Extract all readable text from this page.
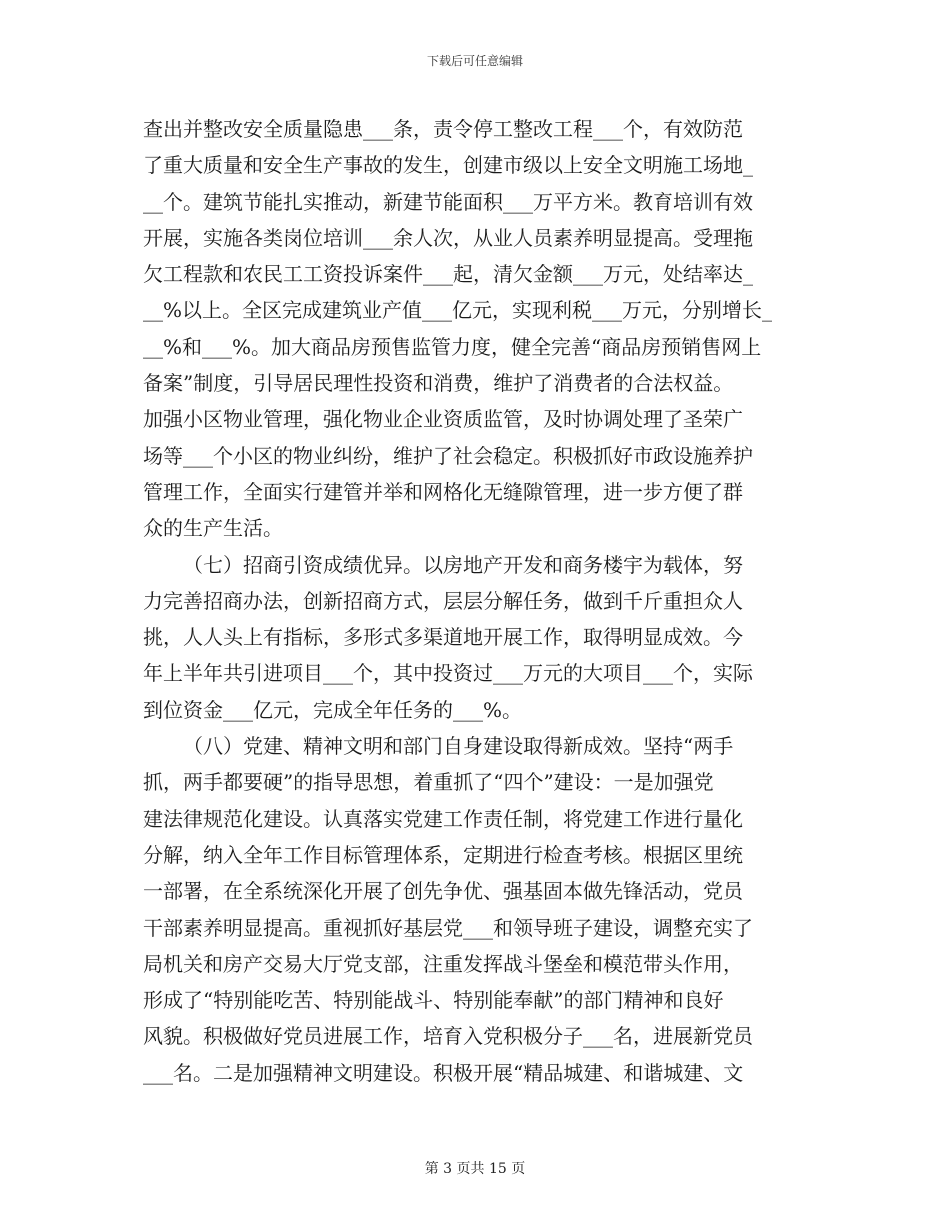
下载后可任意编辑
查出并整改安全质量隐患___条，责令停工整改工程___个，有效防范
了重大质量和安全生产事故的发生，创建市级以上安全文明施工场地_
__个。建筑节能扎实推动，新建节能面积___万平方米。教育培训有效
开展，实施各类岗位培训___余人次，从业人员素养明显提高。受理拖
欠工程款和农民工工资投诉案件___起，清欠金额___万元，处结率达_
__%以上。全区完成建筑业产值___亿元，实现利税___万元，分别增长_
__%和___%。加大商品房预售监管力度，健全完善“商品房预销售网上
备案”制度，引导居民理性投资和消费，维护了消费者的合法权益。
加强小区物业管理，强化物业企业资质监管，及时协调处理了圣荣广
场等___个小区的物业纠纷，维护了社会稳定。积极抓好市政设施养护
管理工作，全面实行建管并举和网格化无缝隙管理，进一步方便了群
众的生产生活。
（七）招商引资成绩优异。以房地产开发和商务楼宇为载体，努
力完善招商办法，创新招商方式，层层分解任务，做到千斤重担众人
挑，人人头上有指标，多形式多渠道地开展工作，取得明显成效。今
年上半年共引进项目___个，其中投资过___万元的大项目___个，实际
到位资金___亿元，完成全年任务的___%。
（八）党建、精神文明和部门自身建设取得新成效。坚持“两手
抓，两手都要硬”的指导思想，着重抓了“四个”建设：一是加强党
建法律规范化建设。认真落实党建工作责任制，将党建工作进行量化
分解，纳入全年工作目标管理体系，定期进行检查考核。根据区里统
一部署，在全系统深化开展了创先争优、强基固本做先锋活动，党员
干部素养明显提高。重视抓好基层党___和领导班子建设，调整充实了
局机关和房产交易大厅党支部，注重发挥战斗堡垒和模范带头作用，
形成了“特别能吃苦、特别能战斗、特别能奉献”的部门精神和良好
风貌。积极做好党员进展工作，培育入党积极分子___名，进展新党员
___名。二是加强精神文明建设。积极开展“精品城建、和谐城建、文
第 3 页共 15 页
